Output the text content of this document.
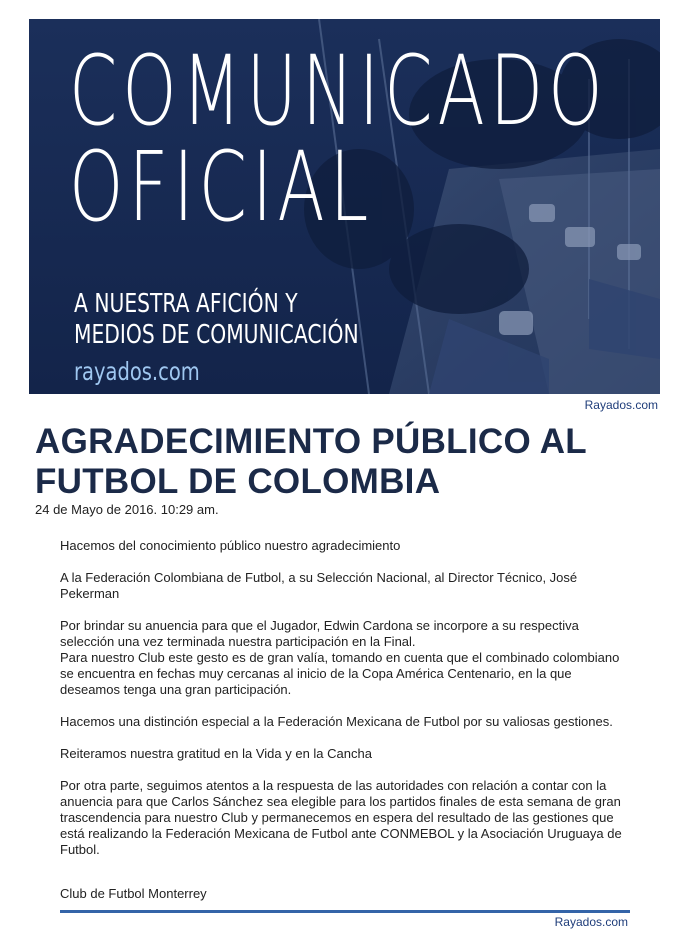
COMUNICADO
OFICIAL
A NUESTRA AFICIÓN Y
MEDIOS DE COMUNICACIÓN
rayados.com
Rayados.com
AGRADECIMIENTO PÚBLICO AL
FUTBOL DE COLOMBIA
24 de Mayo de 2016. 10:29 am.

Hacemos del conocimiento público nuestro agradecimiento

A la Federación Colombiana de Futbol, a su Selección Nacional, al Director Técnico, José Pekerman

Por brindar su anuencia para que el Jugador, Edwin Cardona se incorpore a su respectiva selección una vez terminada nuestra participación en la Final.

Para nuestro Club este gesto es de gran valía, tomando en cuenta que el combinado colombiano se encuentra en fechas muy cercanas al inicio de la Copa América Centenario, en la que deseamos tenga una gran participación.

Hacemos una distinción especial a la Federación Mexicana de Futbol por su valiosas gestiones.

Reiteramos nuestra gratitud en la Vida y en la Cancha

Por otra parte, seguimos atentos a la respuesta de las autoridades con relación a contar con la anuencia para que Carlos Sánchez sea elegible para los partidos finales de esta semana de gran trascendencia para nuestro Club y permanecemos en espera del resultado de las gestiones que está realizando la Federación Mexicana de Futbol ante CONMEBOL y la Asociación Uruguaya de Futbol.

Club de Futbol Monterrey
Rayados.com
